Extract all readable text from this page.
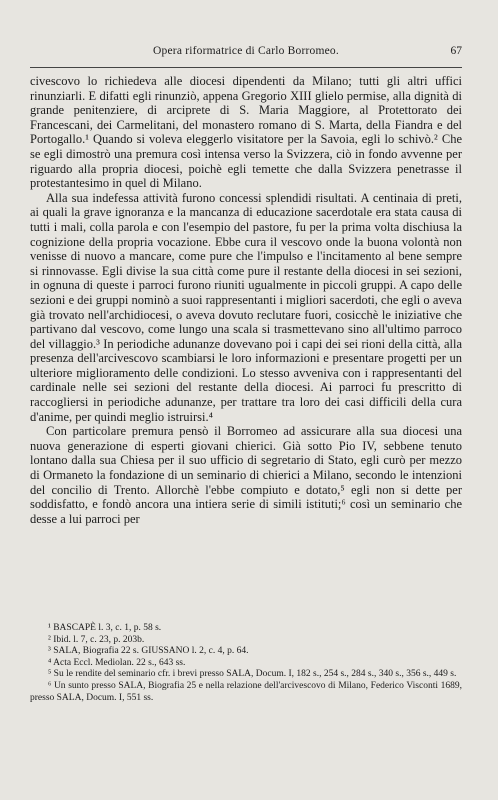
Opera riformatrice di Carlo Borromeo.	67

civescovo lo richiedeva alle diocesi dipendenti da Milano; tutti gli altri uffici rinunziarli. E difatti egli rinunziò, appena Gregorio XIII glielo permise, alla dignità di grande penitenziere, di arciprete di S. Maria Maggiore, al Protettorato dei Francescani, dei Carmelitani, del monastero romano di S. Marta, della Fiandra e del Portogallo.¹ Quando si voleva eleggerlo visitatore per la Savoia, egli lo schivò.² Che se egli dimostrò una premura così intensa verso la Svizzera, ciò in fondo avvenne per riguardo alla propria diocesi, poichè egli temette che dalla Svizzera penetrasse il protestantesimo in quel di Milano.

Alla sua indefessa attività furono concessi splendidi risultati. A centinaia di preti, ai quali la grave ignoranza e la mancanza di educazione sacerdotale era stata causa di tutti i mali, colla parola e con l'esempio del pastore, fu per la prima volta dischiusa la cognizione della propria vocazione. Ebbe cura il vescovo onde la buona volontà non venisse di nuovo a mancare, come pure che l'impulso e l'incitamento al bene sempre si rinnovasse. Egli divise la sua città come pure il restante della diocesi in sei sezioni, in ognuna di queste i parroci furono riuniti ugualmente in piccoli gruppi. A capo delle sezioni e dei gruppi nominò a suoi rappresentanti i migliori sacerdoti, che egli o aveva già trovato nell'archidiocesi, o aveva dovuto reclutare fuori, cosicchè le iniziative che partivano dal vescovo, come lungo una scala si trasmettevano sino all'ultimo parroco del villaggio.³ In periodiche adunanze dovevano poi i capi dei sei rioni della città, alla presenza dell'arcivescovo scambiarsi le loro informazioni e presentare progetti per un ulteriore miglioramento delle condizioni. Lo stesso avveniva con i rappresentanti del cardinale nelle sei sezioni del restante della diocesi. Ai parroci fu prescritto di raccogliersi in periodiche adunanze, per trattare tra loro dei casi difficili della cura d'anime, per quindi meglio istruirsi.⁴

Con particolare premura pensò il Borromeo ad assicurare alla sua diocesi una nuova generazione di esperti giovani chierici. Già sotto Pio IV, sebbene tenuto lontano dalla sua Chiesa per il suo ufficio di segretario di Stato, egli curò per mezzo di Ormaneto la fondazione di un seminario di chierici a Milano, secondo le intenzioni del concilio di Trento. Allorchè l'ebbe compiuto e dotato,⁵ egli non si dette per soddisfatto, e fondò ancora una intiera serie di simili istituti;⁶ così un seminario che desse a lui parroci per

¹ BASCAPÈ l. 3, c. 1, p. 58 s.

² Ibid. l. 7, c. 23, p. 203b.

³ SALA, Biografia 22 s. GIUSSANO l. 2, c. 4, p. 64.

⁴ Acta Eccl. Mediolan. 22 s., 643 ss.

⁵ Su le rendite del seminario cfr. i brevi presso SALA, Docum. I, 182 s., 254 s., 284 s., 340 s., 356 s., 449 s.

⁶ Un sunto presso SALA, Biografia 25 e nella relazione dell'arcivescovo di Milano, Federico Visconti 1689, presso SALA, Docum. I, 551 ss.
